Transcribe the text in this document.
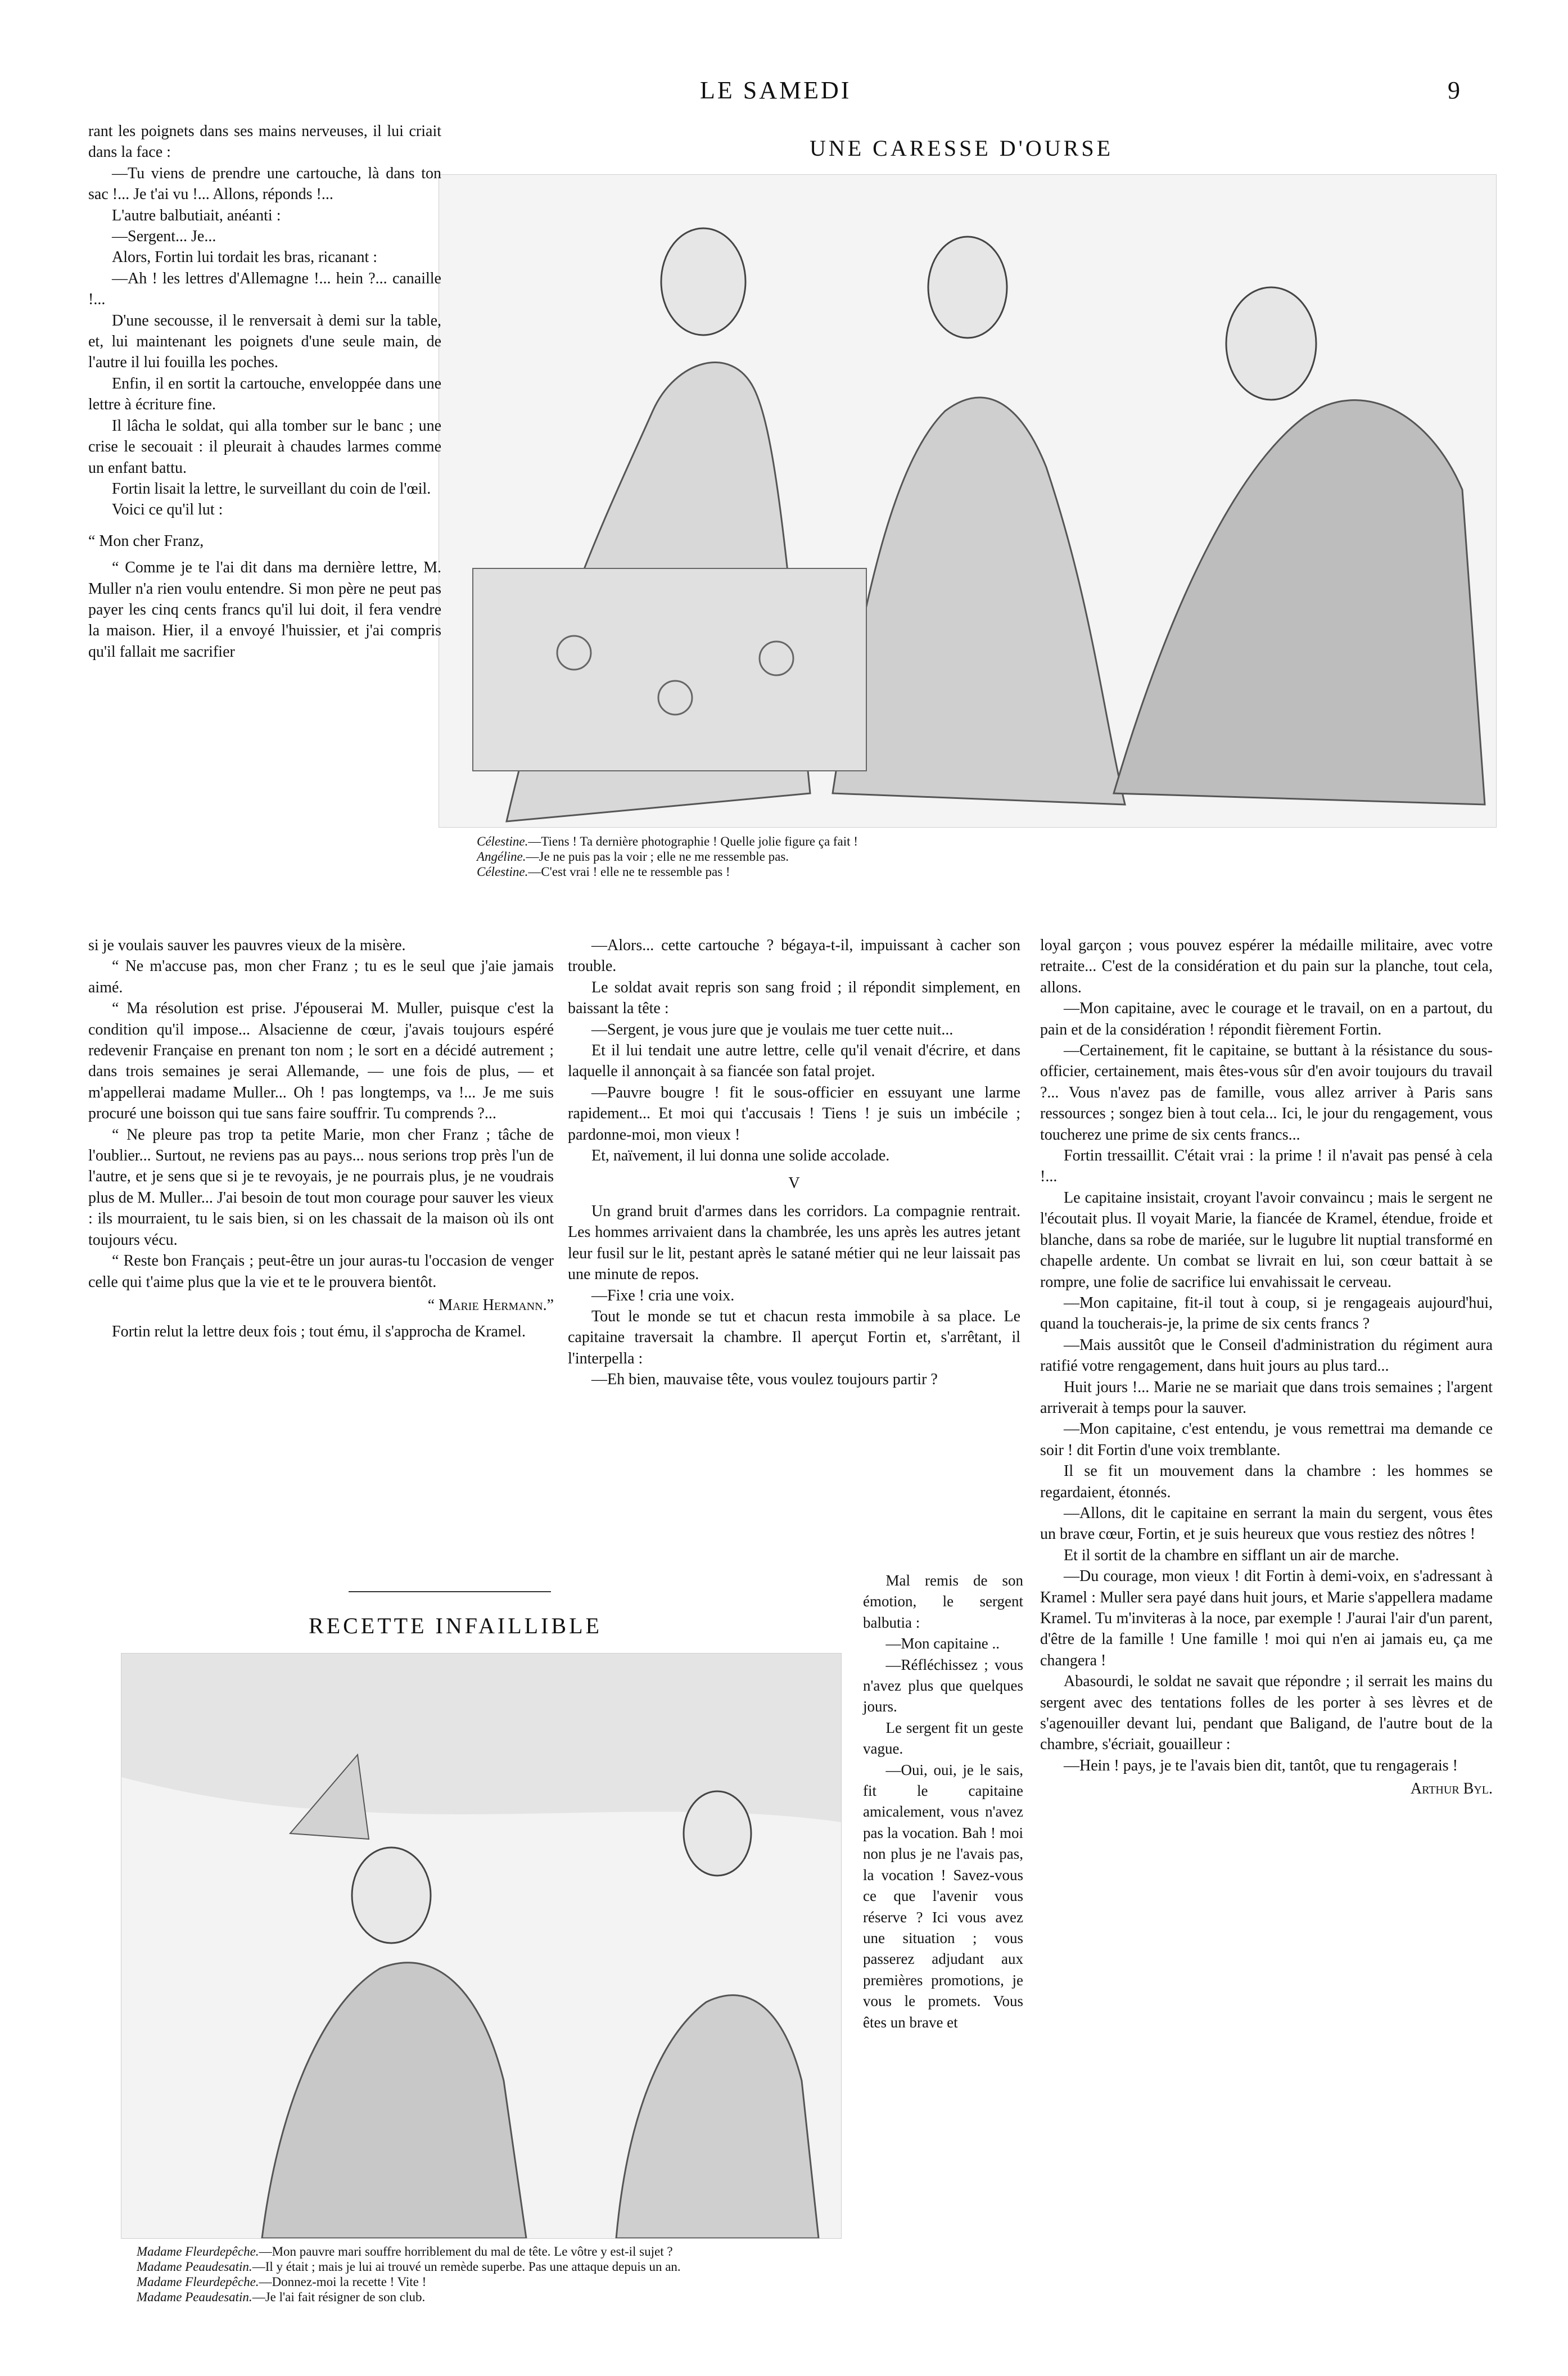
LE SAMEDI	9
UNE CARESSE D'OURSE
Célestine.—Tiens ! Ta dernière photographie ! Quelle jolie figure ça fait !
Angéline.—Je ne puis pas la voir ; elle ne me ressemble pas.
Célestine.—C'est vrai ! elle ne te ressemble pas !

rant les poignets dans ses mains nerveuses, il lui criait dans la face :

—Tu viens de prendre une cartouche, là dans ton sac !... Je t'ai vu !... Allons, réponds !...

L'autre balbutiait, anéanti :

—Sergent... Je...

Alors, Fortin lui tordait les bras, ricanant :

—Ah ! les lettres d'Allemagne !... hein ?... canaille !...

D'une secousse, il le renversait à demi sur la table, et, lui maintenant les poignets d'une seule main, de l'autre il lui fouilla les poches.

Enfin, il en sortit la cartouche, enveloppée dans une lettre à écriture fine.

Il lâcha le soldat, qui alla tomber sur le banc ; une crise le secouait : il pleurait à chaudes larmes comme un enfant battu.

Fortin lisait la lettre, le surveillant du coin de l'œil.

Voici ce qu'il lut :

“ Mon cher Franz,

“ Comme je te l'ai dit dans ma dernière lettre, M. Muller n'a rien voulu entendre. Si mon père ne peut pas payer les cinq cents francs qu'il lui doit, il fera vendre la maison. Hier, il a envoyé l'huissier, et j'ai compris qu'il fallait me sacrifier

si je voulais sauver les pauvres vieux de la misère.

“ Ne m'accuse pas, mon cher Franz ; tu es le seul que j'aie jamais aimé.

“ Ma résolution est prise. J'épouserai M. Muller, puisque c'est la condition qu'il impose... Alsacienne de cœur, j'avais toujours espéré redevenir Française en prenant ton nom ; le sort en a décidé autrement ; dans trois semaines je serai Allemande, — une fois de plus, — et m'appellerai madame Muller... Oh ! pas longtemps, va !... Je me suis procuré une boisson qui tue sans faire souffrir. Tu comprends ?...

“ Ne pleure pas trop ta petite Marie, mon cher Franz ; tâche de l'oublier... Surtout, ne reviens pas au pays... nous serions trop près l'un de l'autre, et je sens que si je te revoyais, je ne pourrais plus, je ne voudrais plus de M. Muller... J'ai besoin de tout mon courage pour sauver les vieux : ils mourraient, tu le sais bien, si on les chassait de la maison où ils ont toujours vécu.

“ Reste bon Français ; peut-être un jour auras-tu l'occasion de venger celle qui t'aime plus que la vie et te le prouvera bientôt.

“ Marie Hermann.”

Fortin relut la lettre deux fois ; tout ému, il s'approcha de Kramel.

RECETTE INFAILLIBLE
Madame Fleurdepêche.—Mon pauvre mari souffre horriblement du mal de tête. Le vôtre y est-il sujet ?
Madame Peaudesatin.—Il y était ; mais je lui ai trouvé un remède superbe. Pas une attaque depuis un an.
Madame Fleurdepêche.—Donnez-moi la recette ! Vite !
Madame Peaudesatin.—Je l'ai fait résigner de son club.

—Alors... cette cartouche ? bégaya-t-il, impuissant à cacher son trouble.

Le soldat avait repris son sang froid ; il répondit simplement, en baissant la tête :

—Sergent, je vous jure que je voulais me tuer cette nuit...

Et il lui tendait une autre lettre, celle qu'il venait d'écrire, et dans laquelle il annonçait à sa fiancée son fatal projet.

—Pauvre bougre ! fit le sous-officier en essuyant une larme rapidement... Et moi qui t'accusais ! Tiens ! je suis un imbécile ; pardonne-moi, mon vieux !

Et, naïvement, il lui donna une solide accolade.

V

Un grand bruit d'armes dans les corridors. La compagnie rentrait. Les hommes arrivaient dans la chambrée, les uns après les autres jetant leur fusil sur le lit, pestant après le satané métier qui ne leur laissait pas une minute de repos.

—Fixe ! cria une voix.

Tout le monde se tut et chacun resta immobile à sa place. Le capitaine traversait la chambre. Il aperçut Fortin et, s'arrêtant, il l'interpella :

—Eh bien, mauvaise tête, vous voulez toujours partir ?

Mal remis de son émotion, le sergent balbutia :

—Mon capitaine ..

—Réfléchissez ; vous n'avez plus que quelques jours.

Le sergent fit un geste vague.

—Oui, oui, je le sais, fit le capitaine amicalement, vous n'avez pas la vocation. Bah ! moi non plus je ne l'avais pas, la vocation ! Savez-vous ce que l'avenir vous réserve ? Ici vous avez une situation ; vous passerez adjudant aux premières promotions, je vous le promets. Vous êtes un brave et

loyal garçon ; vous pouvez espérer la médaille militaire, avec votre retraite... C'est de la considération et du pain sur la planche, tout cela, allons.

—Mon capitaine, avec le courage et le travail, on en a partout, du pain et de la considération ! répondit fièrement Fortin.

—Certainement, fit le capitaine, se buttant à la résistance du sous-officier, certainement, mais êtes-vous sûr d'en avoir toujours du travail ?... Vous n'avez pas de famille, vous allez arriver à Paris sans ressources ; songez bien à tout cela... Ici, le jour du rengagement, vous toucherez une prime de six cents francs...

Fortin tressaillit. C'était vrai : la prime ! il n'avait pas pensé à cela !...

Le capitaine insistait, croyant l'avoir convaincu ; mais le sergent ne l'écoutait plus. Il voyait Marie, la fiancée de Kramel, étendue, froide et blanche, dans sa robe de mariée, sur le lugubre lit nuptial transformé en chapelle ardente. Un combat se livrait en lui, son cœur battait à se rompre, une folie de sacrifice lui envahissait le cerveau.

—Mon capitaine, fit-il tout à coup, si je rengageais aujourd'hui, quand la toucherais-je, la prime de six cents francs ?

—Mais aussitôt que le Conseil d'administration du régiment aura ratifié votre rengagement, dans huit jours au plus tard...

Huit jours !... Marie ne se mariait que dans trois semaines ; l'argent arriverait à temps pour la sauver.

—Mon capitaine, c'est entendu, je vous remettrai ma demande ce soir ! dit Fortin d'une voix tremblante.

Il se fit un mouvement dans la chambre : les hommes se regardaient, étonnés.

—Allons, dit le capitaine en serrant la main du sergent, vous êtes un brave cœur, Fortin, et je suis heureux que vous restiez des nôtres !

Et il sortit de la chambre en sifflant un air de marche.

—Du courage, mon vieux ! dit Fortin à demi-voix, en s'adressant à Kramel : Muller sera payé dans huit jours, et Marie s'appellera madame Kramel. Tu m'inviteras à la noce, par exemple ! J'aurai l'air d'un parent, d'être de la famille ! Une famille ! moi qui n'en ai jamais eu, ça me changera !

Abasourdi, le soldat ne savait que répondre ; il serrait les mains du sergent avec des tentations folles de les porter à ses lèvres et de s'agenouiller devant lui, pendant que Baligand, de l'autre bout de la chambre, s'écriait, gouailleur :

—Hein ! pays, je te l'avais bien dit, tantôt, que tu rengagerais !

Arthur Byl.
